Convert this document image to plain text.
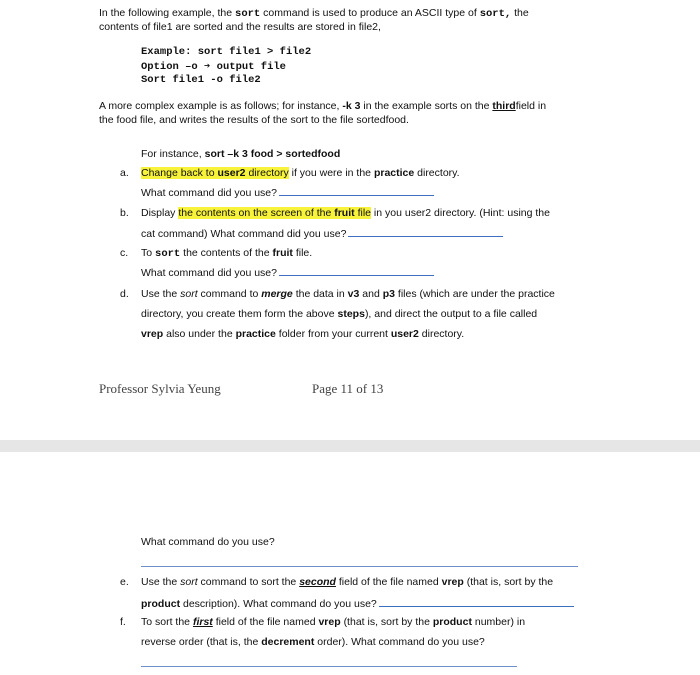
In the following example, the sort command is used to produce an ASCII type of sort, the
contents of file1 are sorted and the results are stored in file2,
Example: sort file1 > file2
Option –o ➔ output file
Sort file1 -o file2
A more complex example is as follows; for instance, -k 3 in the example sorts on the thirdfield in
the food file, and writes the results of the sort to the file sortedfood.
For instance, sort –k 3 food > sortedfood
a. Change back to user2 directory if you were in the practice directory.
What command did you use?
b. Display the contents on the screen of the fruit file in you user2 directory. (Hint: using the
cat command) What command did you use?
c. To sort the contents of the fruit file.
What command did you use?
d. Use the sort command to merge the data in v3 and p3 files (which are under the practice
directory, you create them form the above steps), and direct the output to a file called
vrep also under the practice folder from your current user2 directory.
Professor Sylvia Yeung	Page 11 of 13
What command do you use?
e. Use the sort command to sort the second field of the file named vrep (that is, sort by the
product description). What command do you use?
f. To sort the first field of the file named vrep (that is, sort by the product number) in
reverse order (that is, the decrement order). What command do you use?
